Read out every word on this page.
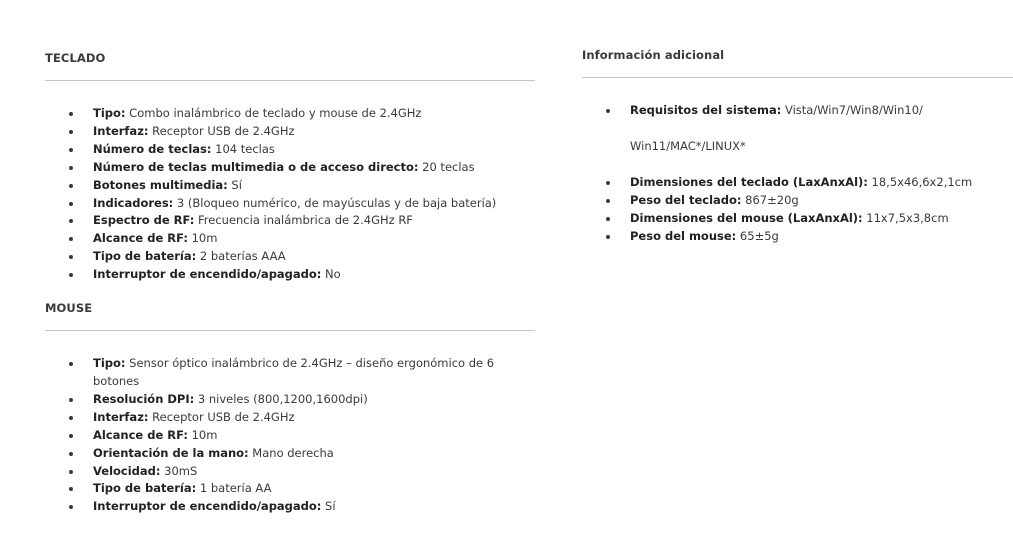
TECLADO
Tipo: Combo inalámbrico de teclado y mouse de 2.4GHz
Interfaz: Receptor USB de 2.4GHz
Número de teclas: 104 teclas
Número de teclas multimedia o de acceso directo: 20 teclas
Botones multimedia: Sí
Indicadores: 3 (Bloqueo numérico, de mayúsculas y de baja batería)
Espectro de RF: Frecuencia inalámbrica de 2.4GHz RF
Alcance de RF: 10m
Tipo de batería: 2 baterías AAA
Interruptor de encendido/apagado: No
MOUSE
Tipo: Sensor óptico inalámbrico de 2.4GHz – diseño ergonómico de 6 botones
Resolución DPI: 3 niveles (800,1200,1600dpi)
Interfaz: Receptor USB de 2.4GHz
Alcance de RF: 10m
Orientación de la mano: Mano derecha
Velocidad: 30mS
Tipo de batería: 1 batería AA
Interruptor de encendido/apagado: Sí
Información adicional
Requisitos del sistema: Vista/Win7/Win8/Win10/
Win11/MAC*/LINUX*
Dimensiones del teclado (LaxAnxAl): 18,5x46,6x2,1cm
Peso del teclado: 867±20g
Dimensiones del mouse (LaxAnxAl): 11x7,5x3,8cm
Peso del mouse: 65±5g
